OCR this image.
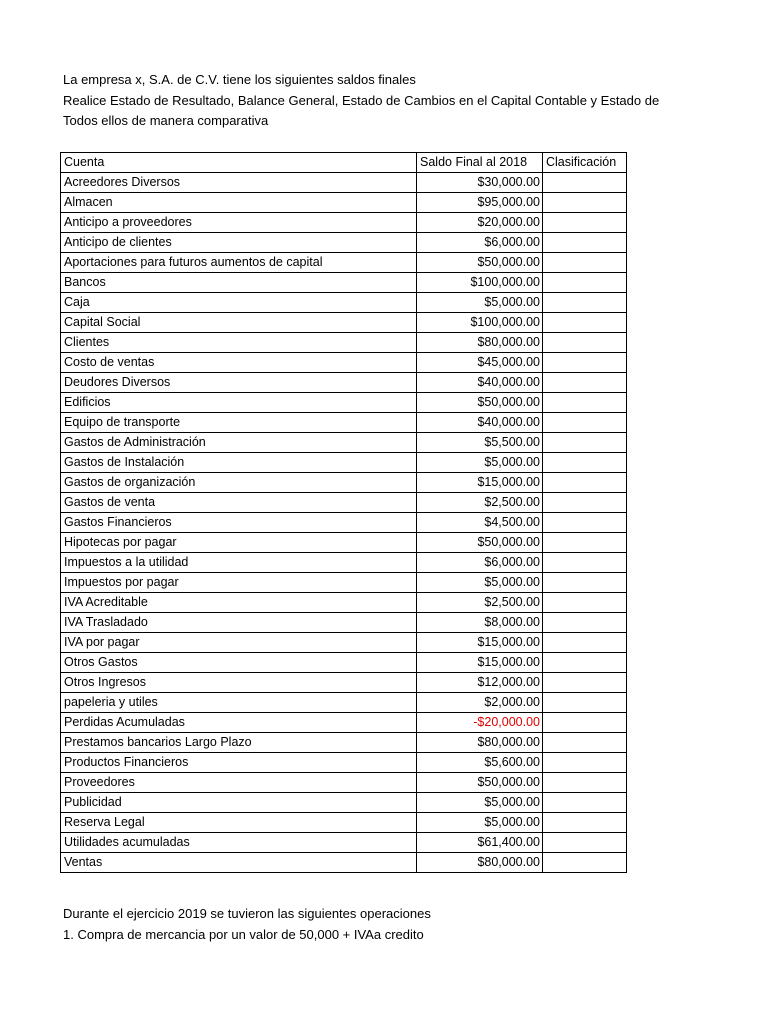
La empresa x, S.A. de C.V. tiene los siguientes saldos finales
Realice Estado de Resultado, Balance General, Estado de Cambios en el Capital Contable y Estado de
Todos ellos de manera comparativa
Cuenta	Saldo Final al 2018	Clasificación
Acreedores Diversos	$30,000.00	
Almacen	$95,000.00	
Anticipo a proveedores	$20,000.00	
Anticipo de clientes	$6,000.00	
Aportaciones para futuros aumentos de capital	$50,000.00	
Bancos	$100,000.00	
Caja	$5,000.00	
Capital Social	$100,000.00	
Clientes	$80,000.00	
Costo de ventas	$45,000.00	
Deudores Diversos	$40,000.00	
Edificios	$50,000.00	
Equipo de transporte	$40,000.00	
Gastos de Administración	$5,500.00	
Gastos de Instalación	$5,000.00	
Gastos de organización	$15,000.00	
Gastos de venta	$2,500.00	
Gastos Financieros	$4,500.00	
Hipotecas por pagar	$50,000.00	
Impuestos a la utilidad	$6,000.00	
Impuestos por pagar	$5,000.00	
IVA Acreditable	$2,500.00	
IVA Trasladado	$8,000.00	
IVA por pagar	$15,000.00	
Otros Gastos	$15,000.00	
Otros Ingresos	$12,000.00	
papeleria y utiles	$2,000.00	
Perdidas Acumuladas	-$20,000.00	
Prestamos bancarios Largo Plazo	$80,000.00	
Productos Financieros	$5,600.00	
Proveedores	$50,000.00	
Publicidad	$5,000.00	
Reserva Legal	$5,000.00	
Utilidades acumuladas	$61,400.00	
Ventas	$80,000.00	
Durante el ejercicio 2019 se tuvieron las siguientes operaciones
1. Compra de mercancia por un valor de 50,000 + IVAa credito
